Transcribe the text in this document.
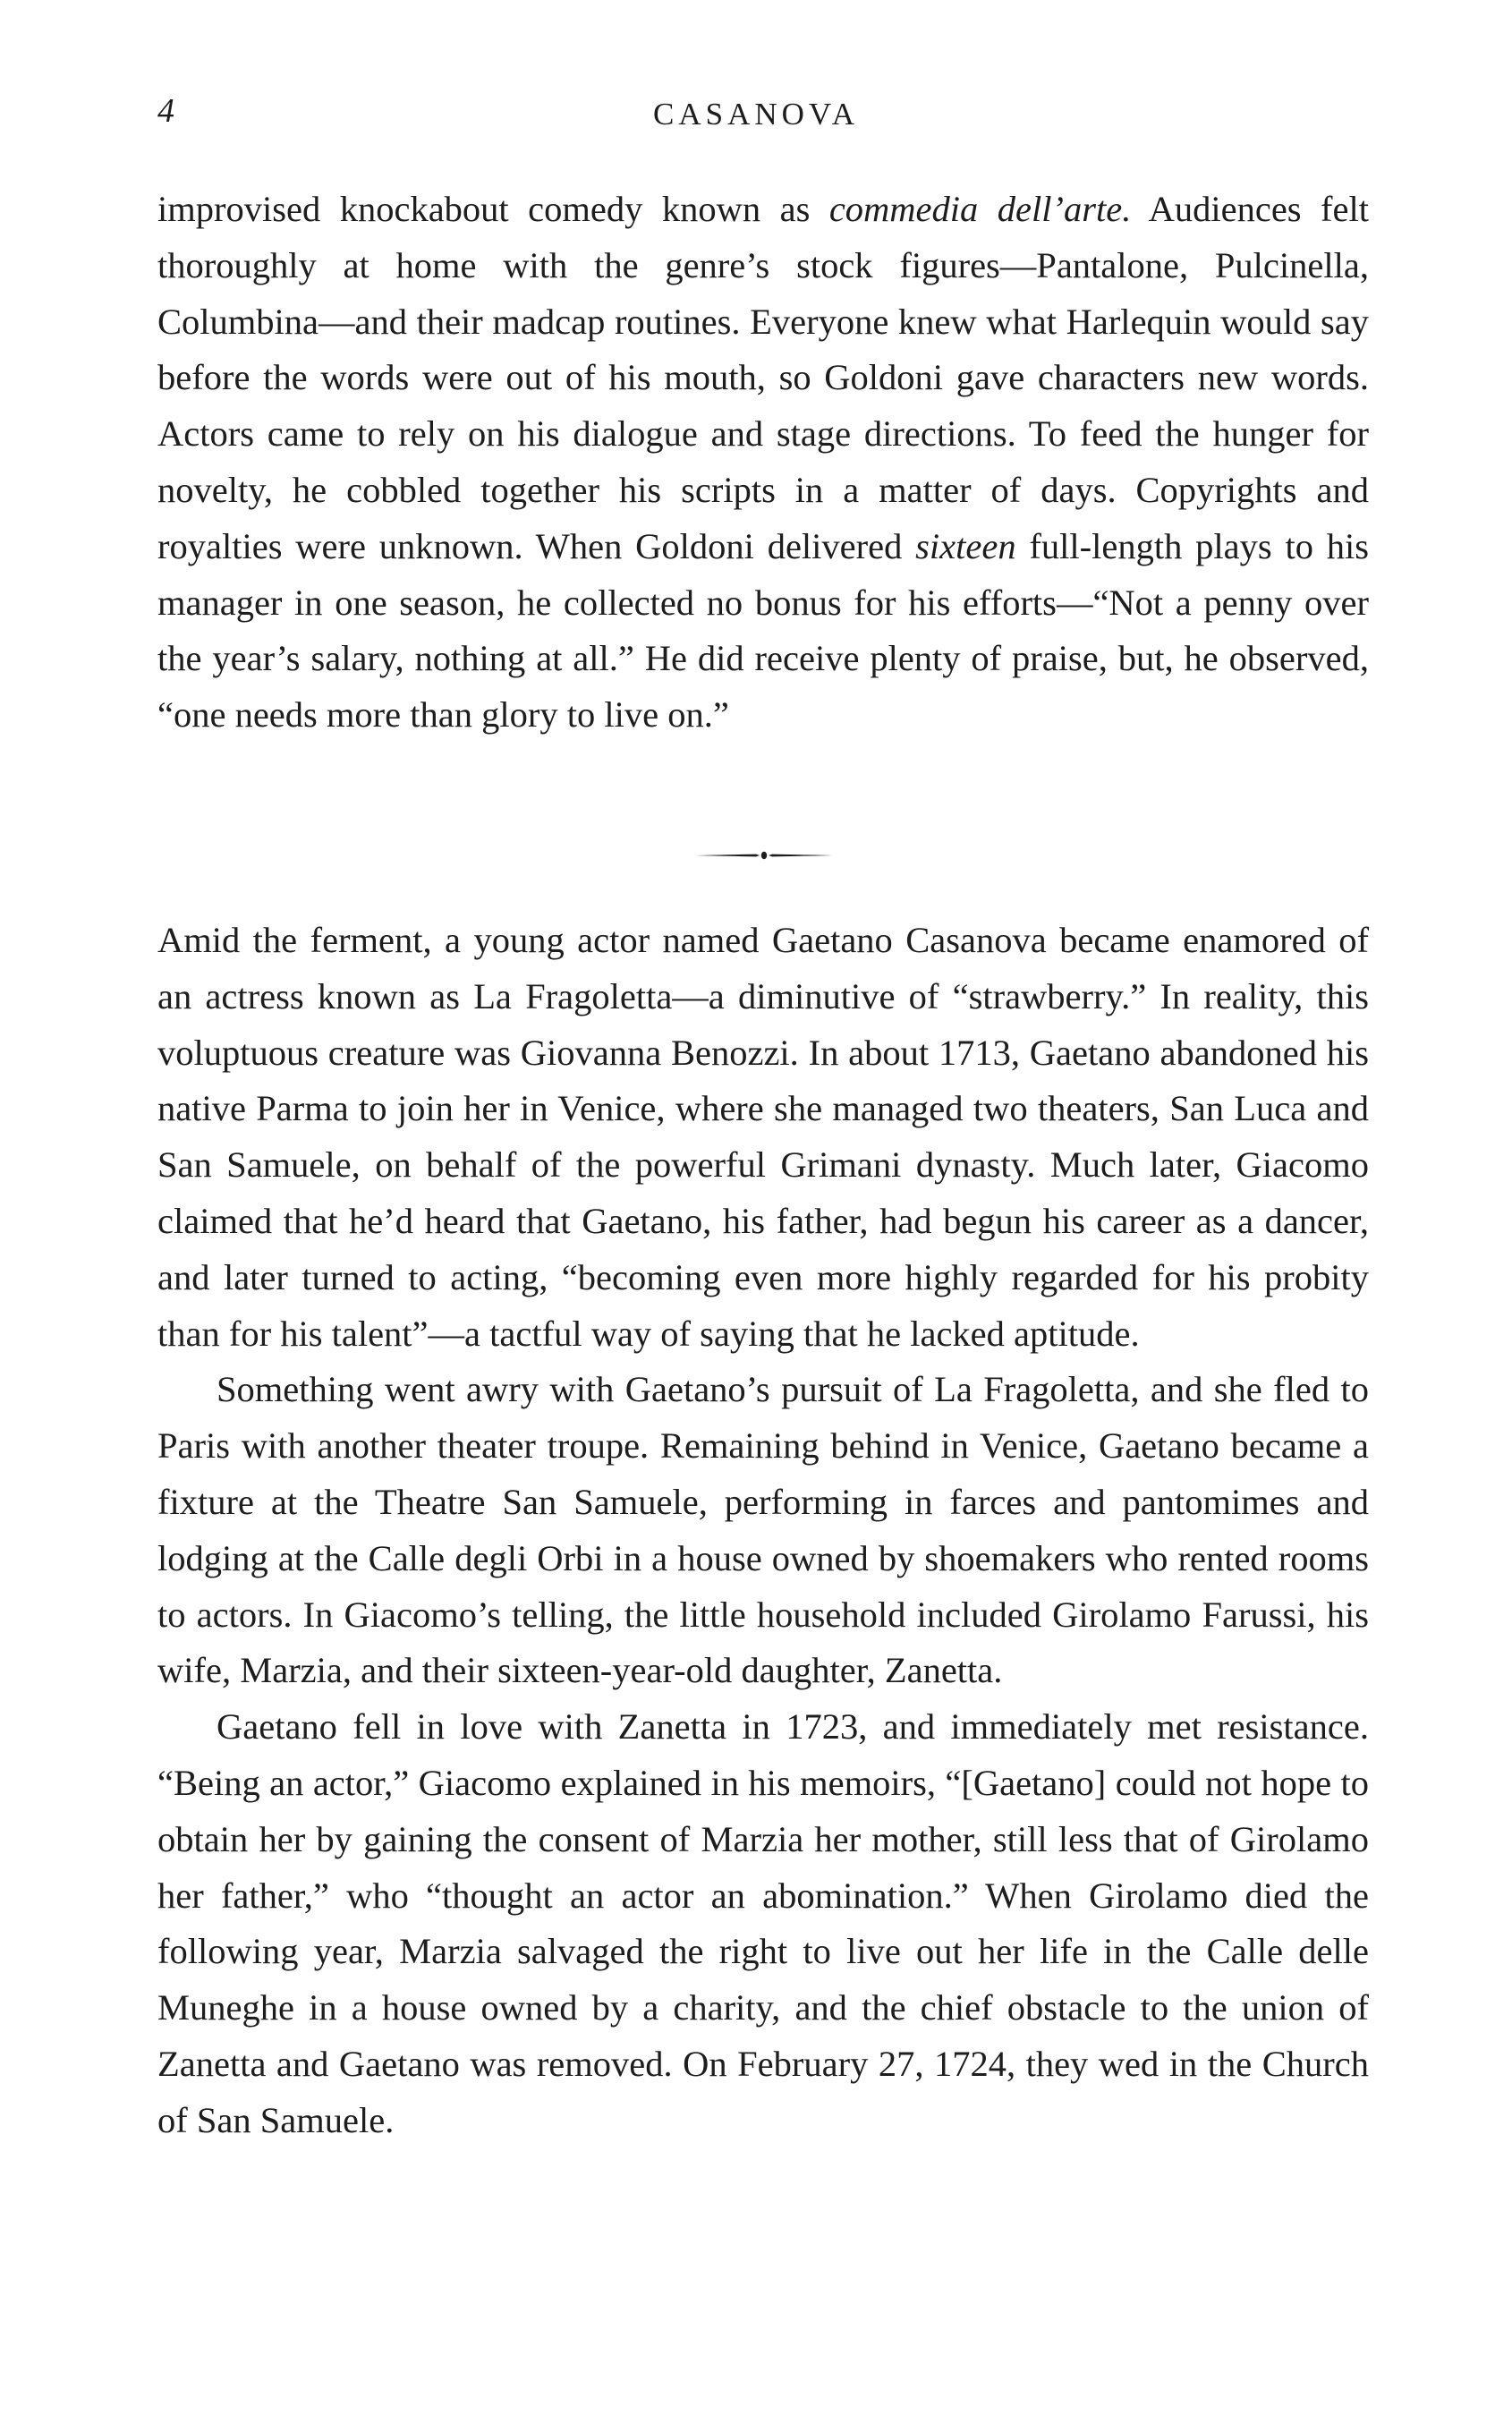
4	CASANOVA

improvised knockabout comedy known as commedia dell’arte. Audiences felt thoroughly at home with the genre’s stock figures—Pantalone, Pulcinella, Columbina—and their madcap routines. Everyone knew what Harlequin would say before the words were out of his mouth, so Goldoni gave characters new words. Actors came to rely on his dialogue and stage directions. To feed the hunger for novelty, he cobbled together his scripts in a matter of days. Copyrights and royalties were unknown. When Goldoni delivered sixteen full-length plays to his manager in one season, he collected no bonus for his efforts—“Not a penny over the year’s salary, nothing at all.” He did receive plenty of praise, but, he observed, “one needs more than glory to live on.”

Amid the ferment, a young actor named Gaetano Casanova became enamored of an actress known as La Fragoletta—a diminutive of “strawberry.” In reality, this voluptuous creature was Giovanna Benozzi. In about 1713, Gaetano abandoned his native Parma to join her in Venice, where she managed two theaters, San Luca and San Samuele, on behalf of the powerful Grimani dynasty. Much later, Giacomo claimed that he’d heard that Gaetano, his father, had begun his career as a dancer, and later turned to acting, “becoming even more highly regarded for his probity than for his talent”—a tactful way of saying that he lacked aptitude.

Something went awry with Gaetano’s pursuit of La Fragoletta, and she fled to Paris with another theater troupe. Remaining behind in Venice, Gaetano became a fixture at the Theatre San Samuele, performing in farces and pantomimes and lodging at the Calle degli Orbi in a house owned by shoemakers who rented rooms to actors. In Giacomo’s telling, the little household included Girolamo Farussi, his wife, Marzia, and their sixteen-year-old daughter, Zanetta.

Gaetano fell in love with Zanetta in 1723, and immediately met resistance. “Being an actor,” Giacomo explained in his memoirs, “[Gaetano] could not hope to obtain her by gaining the consent of Marzia her mother, still less that of Girolamo her father,” who “thought an actor an abomination.” When Girolamo died the following year, Marzia salvaged the right to live out her life in the Calle delle Muneghe in a house owned by a charity, and the chief obstacle to the union of Zanetta and Gaetano was removed. On February 27, 1724, they wed in the Church of San Samuele.
